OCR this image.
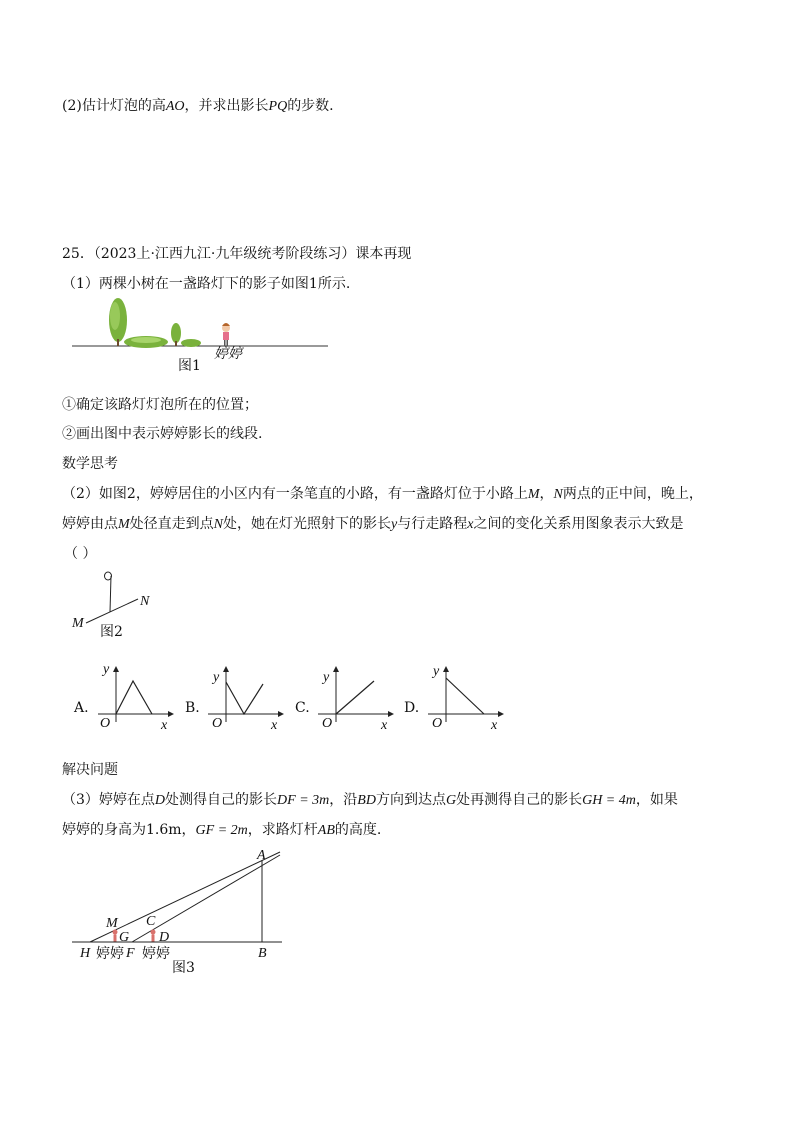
(2)估计灯泡的高AO，并求出影长PQ的步数.
25．（2023上·江西九江·九年级统考阶段练习）课本再现
（1）两棵小树在一盏路灯下的影子如图1所示.
婷婷
图1
①确定该路灯灯泡所在的位置；
②画出图中表示婷婷影长的线段.
数学思考
（2）如图2，婷婷居住的小区内有一条笔直的小路，有一盏路灯位于小路上M，N两点的正中间，晚上，
婷婷由点M处径直走到点N处，她在灯光照射下的影长y与行走路程x之间的变化关系用图象表示大致是
（ ）
M
N
图2
A.
y
O	x
B.
y
O	x
C.
y
O	x
D.
y
O	x
解决问题
（3）婷婷在点D处测得自己的影长DF = 3m，沿BD方向到达点G处再测得自己的影长GH = 4m，如果
婷婷的身高为1.6m，GF = 2m，求路灯杆AB的高度.
A
M C
G D
H 婷婷 F 婷婷	B
图3
